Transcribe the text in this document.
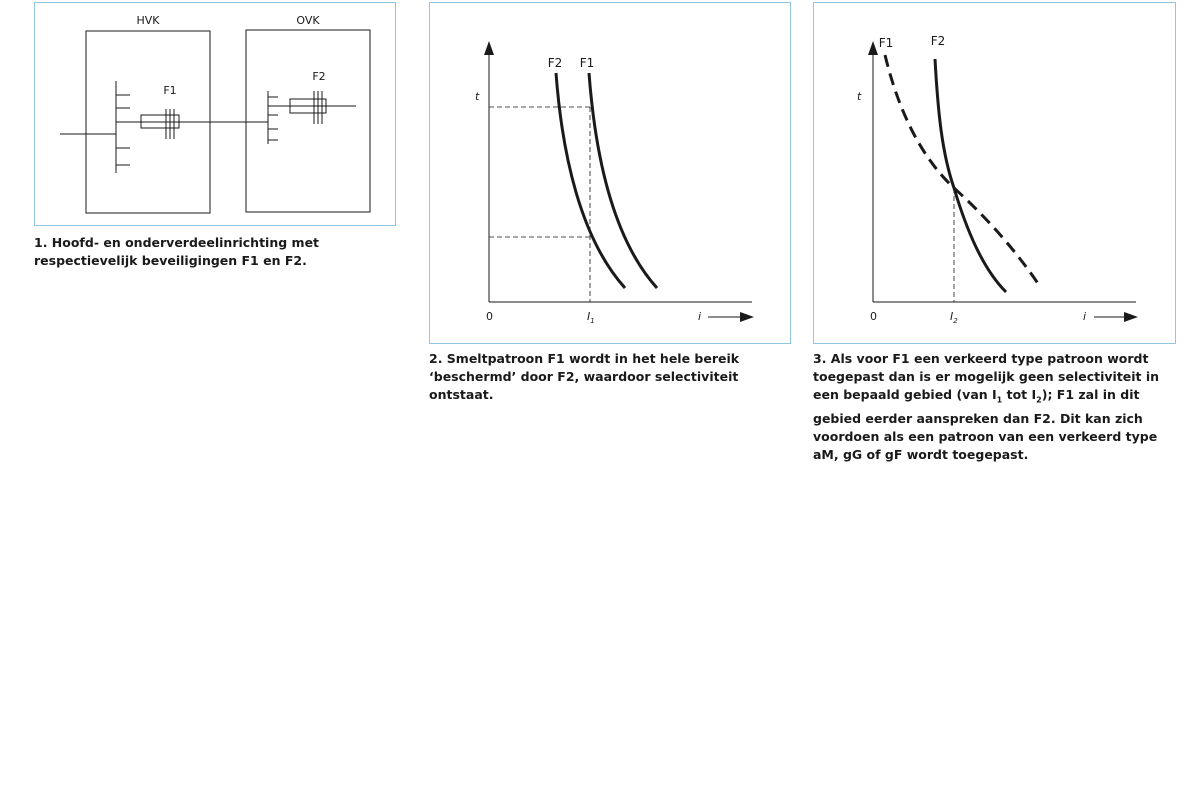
HVK	OVK
F1
F2
1. Hoofd- en onderverdeelinrichting met respectievelijk beveiligingen F1 en F2.
t
i
0
F2 F1
$I_1$
2. Smeltpatroon F1 wordt in het hele bereik ‘beschermd’ door F2, waardoor selectiviteit ontstaat.
t
i
0
F1	F2
$I_2$
3. Als voor F1 een verkeerd type patroon wordt toegepast dan is er mogelijk geen selectiviteit in een bepaald gebied (van $I_1$ tot $I_2$); F1 zal in dit gebied eerder aanspreken dan F2. Dit kan zich voordoen als een patroon van een verkeerd type aM, gG of gF wordt toegepast.
